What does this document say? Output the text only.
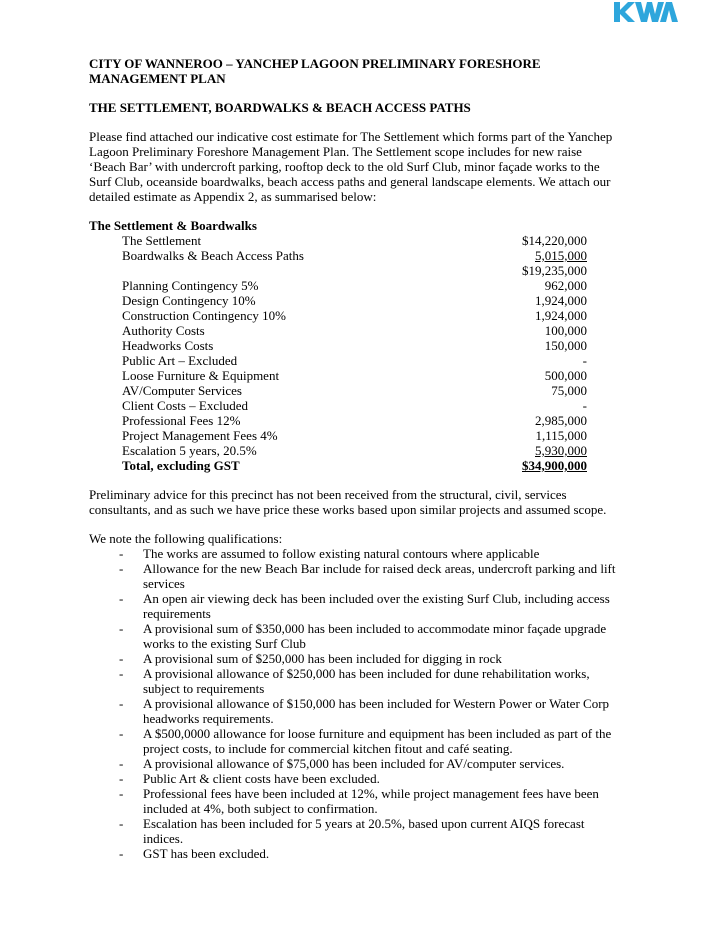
CITY OF WANNEROO – YANCHEP LAGOON PRELIMINARY FORESHORE MANAGEMENT PLAN
THE SETTLEMENT, BOARDWALKS & BEACH ACCESS PATHS

Please find attached our indicative cost estimate for The Settlement which forms part of the Yanchep Lagoon Preliminary Foreshore Management Plan. The Settlement scope includes for new raise ‘Beach Bar’ with undercroft parking, rooftop deck to the old Surf Club, minor façade works to the Surf Club, oceanside boardwalks, beach access paths and general landscape elements. We attach our detailed estimate as Appendix 2, as summarised below:

The Settlement & Boardwalks

The Settlement	$14,220,000
Boardwalks & Beach Access Paths	5,015,000
	$19,235,000
Planning Contingency 5%	962,000
Design Contingency 10%	1,924,000
Construction Contingency 10%	1,924,000
Authority Costs	100,000
Headworks Costs	150,000
Public Art – Excluded	-
Loose Furniture & Equipment	500,000
AV/Computer Services	75,000
Client Costs – Excluded	-
Professional Fees 12%	2,985,000
Project Management Fees 4%	1,115,000
Escalation 5 years, 20.5%	5,930,000
Total, excluding GST	$34,900,000

Preliminary advice for this precinct has not been received from the structural, civil, services consultants, and as such we have price these works based upon similar projects and assumed scope.

We note the following qualifications:

- The works are assumed to follow existing natural contours where applicable
- Allowance for the new Beach Bar include for raised deck areas, undercroft parking and lift services
- An open air viewing deck has been included over the existing Surf Club, including access requirements
- A provisional sum of $350,000 has been included to accommodate minor façade upgrade works to the existing Surf Club
- A provisional sum of $250,000 has been included for digging in rock
- A provisional allowance of $250,000 has been included for dune rehabilitation works, subject to requirements
- A provisional allowance of $150,000 has been included for Western Power or Water Corp headworks requirements.
- A $500,0000 allowance for loose furniture and equipment has been included as part of the project costs, to include for commercial kitchen fitout and café seating.
- A provisional allowance of $75,000 has been included for AV/computer services.
- Public Art & client costs have been excluded.
- Professional fees have been included at 12%, while project management fees have been included at 4%, both subject to confirmation.
- Escalation has been included for 5 years at 20.5%, based upon current AIQS forecast indices.
- GST has been excluded.
